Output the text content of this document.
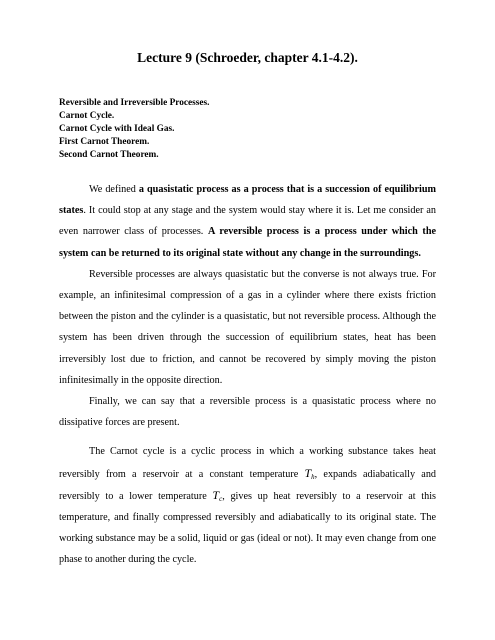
Lecture 9 (Schroeder, chapter 4.1-4.2).
Reversible and Irreversible Processes.
Carnot Cycle.
Carnot Cycle with Ideal Gas.
First Carnot Theorem.
Second Carnot Theorem.

We defined a quasistatic process as a process that is a succession of equilibrium states. It could stop at any stage and the system would stay where it is. Let me consider an even narrower class of processes. A reversible process is a process under which the system can be returned to its original state without any change in the surroundings.

Reversible processes are always quasistatic but the converse is not always true. For example, an infinitesimal compression of a gas in a cylinder where there exists friction between the piston and the cylinder is a quasistatic, but not reversible process. Although the system has been driven through the succession of equilibrium states, heat has been irreversibly lost due to friction, and cannot be recovered by simply moving the piston infinitesimally in the opposite direction.

Finally, we can say that a reversible process is a quasistatic process where no dissipative forces are present.

The Carnot cycle is a cyclic process in which a working substance takes heat reversibly from a reservoir at a constant temperature $T_h$, expands adiabatically and reversibly to a lower temperature $T_c$, gives up heat reversibly to a reservoir at this temperature, and finally compressed reversibly and adiabatically to its original state. The working substance may be a solid, liquid or gas (ideal or not). It may even change from one phase to another during the cycle.
